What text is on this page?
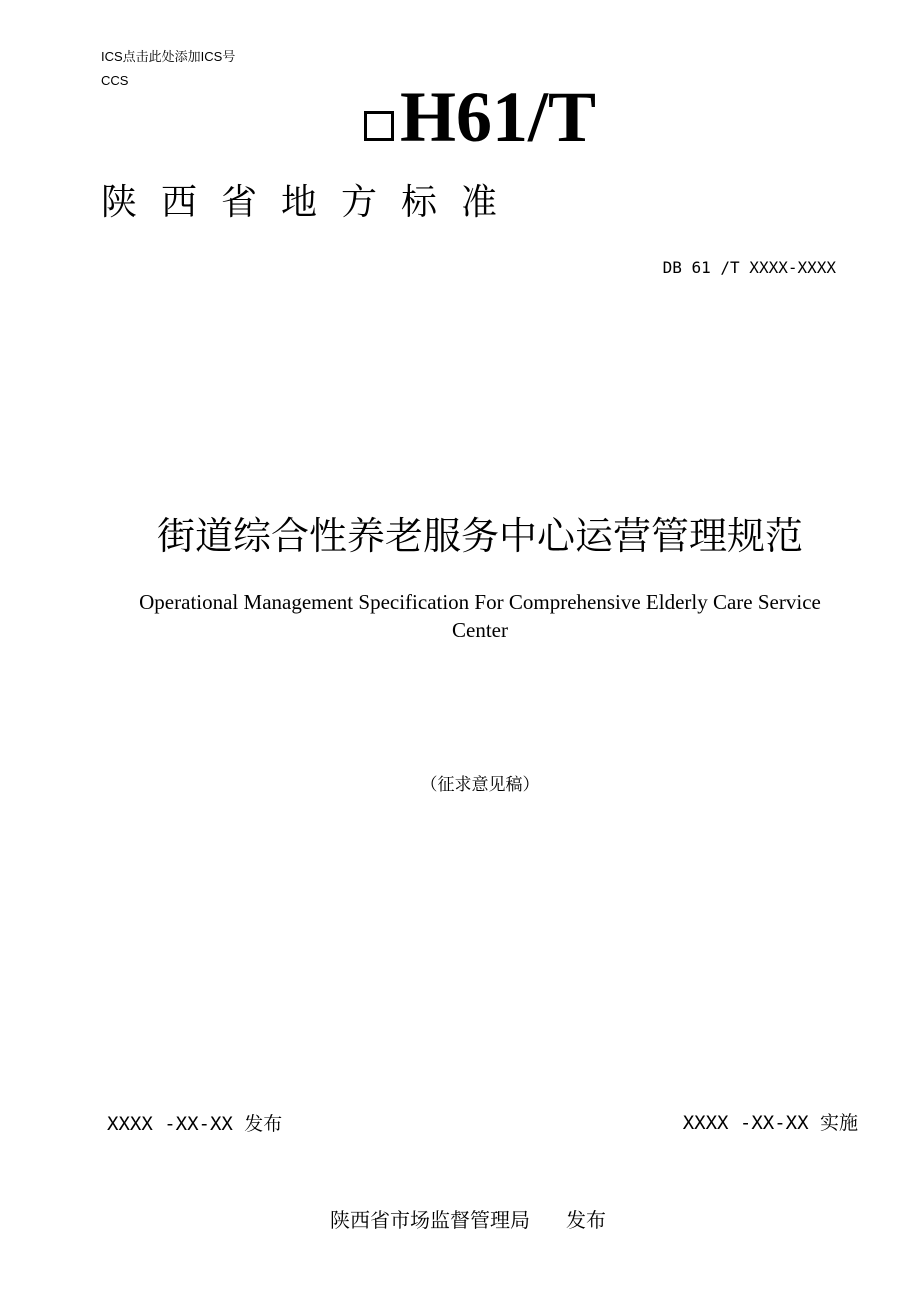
ICS点击此处添加ICS号
CCS	H61/T
陕西省地方标准
DB 61 /T XXXX-XXXX
街道综合性养老服务中心运营管理规范
Operational Management Specification For Comprehensive Elderly Care Service Center
（征求意见稿）
XXXX -XX-XX 发布	XXXX -XX-XX 实施
陕西省市场监督管理局 发布
